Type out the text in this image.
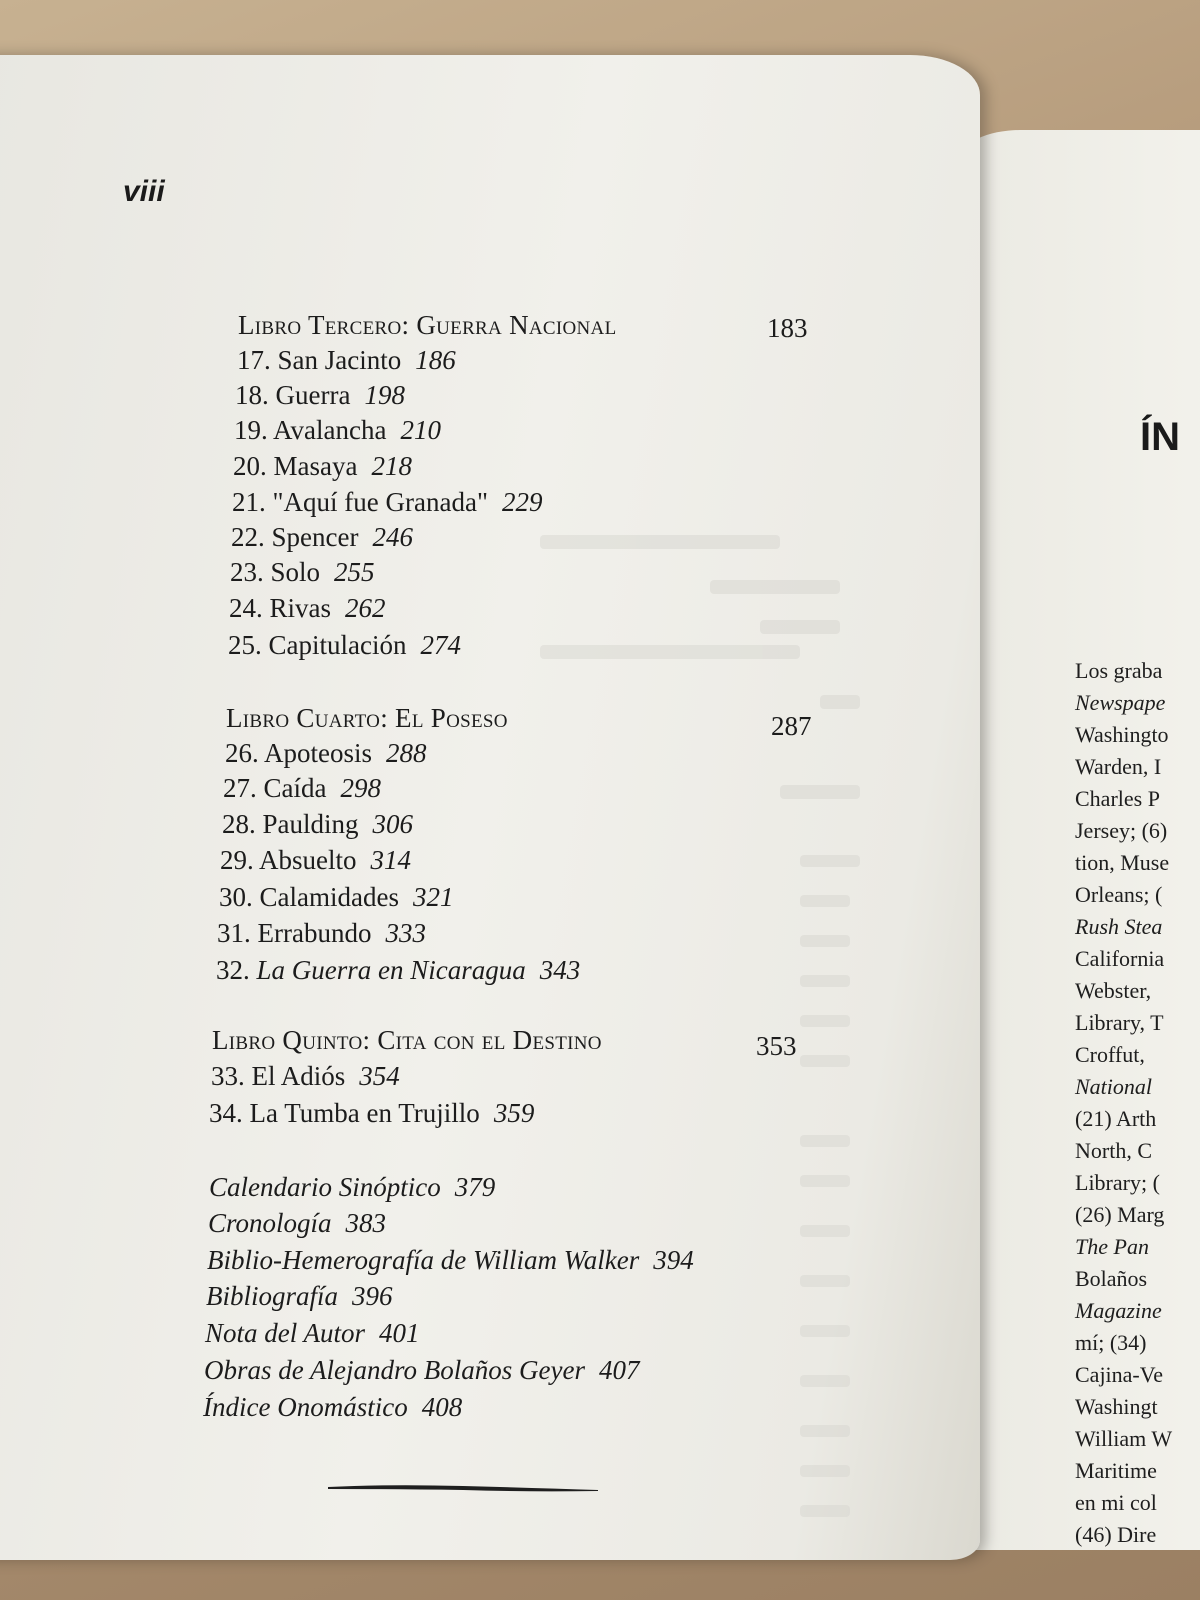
ÍN
Los graba
Newspape
Washingto
Warden, I
Charles P
Jersey; (6)
tion, Muse
Orleans; (
Rush Stea
California
Webster,
Library, T
Croffut,
National
(21) Arth
North, C
Library; (
(26) Marg
The Pan
Bolaños
Magazine
mí; (34)
Cajina-Ve
Washingt
William W
Maritime
en mi col
(46) Dire
viii
Libro Tercero: Guerra Nacional	183
17. San Jacinto 186
18. Guerra 198
19. Avalancha 210
20. Masaya 218
21. "Aquí fue Granada" 229
22. Spencer 246
23. Solo 255
24. Rivas 262
25. Capitulación 274
Libro Cuarto: El Poseso	287
26. Apoteosis 288
27. Caída 298
28. Paulding 306
29. Absuelto 314
30. Calamidades 321
31. Errabundo 333
32. La Guerra en Nicaragua 343
Libro Quinto: Cita con el Destino	353
33. El Adiós 354
34. La Tumba en Trujillo 359
Calendario Sinóptico 379
Cronología 383
Biblio-Hemerografía de William Walker 394
Bibliografía 396
Nota del Autor 401
Obras de Alejandro Bolaños Geyer 407
Índice Onomástico 408
